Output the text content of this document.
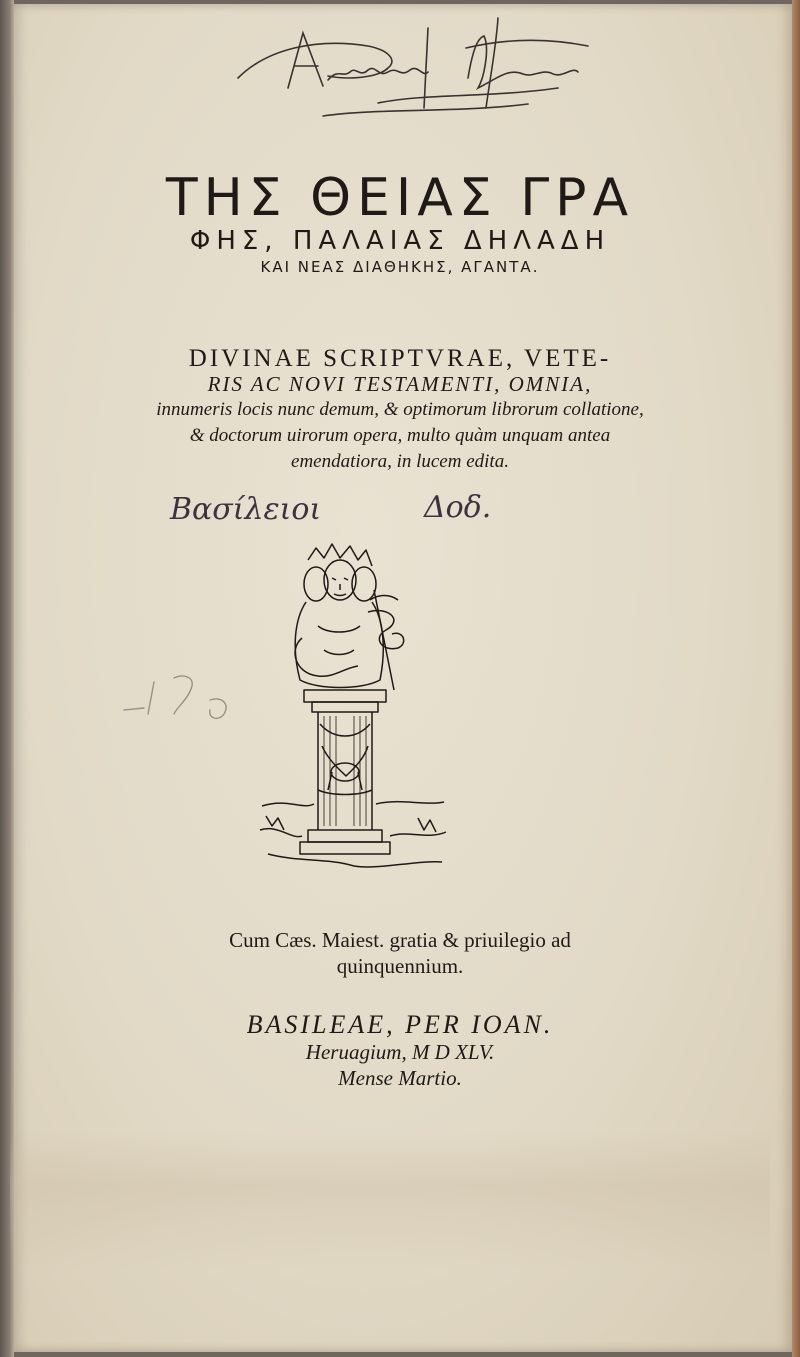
ΤΗΣ ΘΕΙΑΣ ΓΡΑ
ΦΗΣ, ΠΑΛΑΙΑΣ ΔΗΛΑΔΗ
ΚΑΙ ΝΕΑΣ ΔΙΑΘΗΚΗΣ, ΑΓΑΝΤΑ.
DIVINAE SCRIPTVRAE, VETE-
RIS AC NOVI TESTAMENTI, OMNIA,
innumeris locis nunc demum, & optimorum librorum collatione,
& doctorum uirorum opera, multo quàm unquam antea
emendatiora, in lucem edita.
Βασίλειοι	Δοδ.
Cum Cæs. Maiest. gratia & priuilegio ad
quinquennium.
BASILEAE, PER IOAN.
Heruagium, M D XLV.
Mense Martio.
